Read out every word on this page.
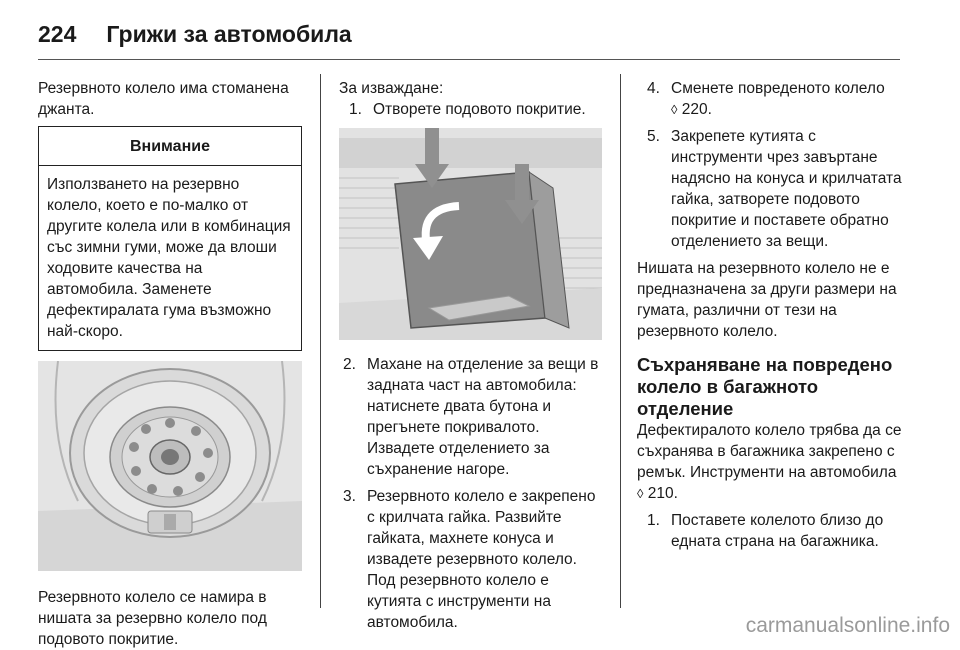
224 Грижи за автомобила

Резервното колело има стоманена джанта.

Внимание
Използването на резервно колело, което е по-малко от другите колела или в комбинация със зимни гуми, може да влоши ходовите качества на автомобила. Заменете дефектиралата гума възможно най-скоро.

Резервното колело се намира в нишата за резервно колело под подовото покритие.

За изваждане:

1. Отворете подовото покритие.
2. Махане на отделение за вещи в задната част на автомобила: натиснете двата бутона и прегънете покривалото. Извадете отделението за съхранение нагоре.
3. Резервното колело е закрепено с крилчата гайка. Развийте гайката, махнете конуса и извадете резервното колело.

Под резервното колело е кутията с инструменти на автомобила.

4. Сменете повреденото колело
◊ 220.
5. Закрепете кутията с инструменти чрез завъртане надясно на конуса и крилчатата гайка, затворете подовото покритие и поставете обратно отделението за вещи.

Нишата на резервното колело не е предназначена за други размери на гумата, различни от тези на резервното колело.

Съхраняване на повредено колело в багажното отделение

Дефектиралото колело трябва да се съхранява в багажника закрепено с ремък. Инструменти на автомобила ◊ 210.

1. Поставете колелото близо до едната страна на багажника.
carmanualsonline.info
